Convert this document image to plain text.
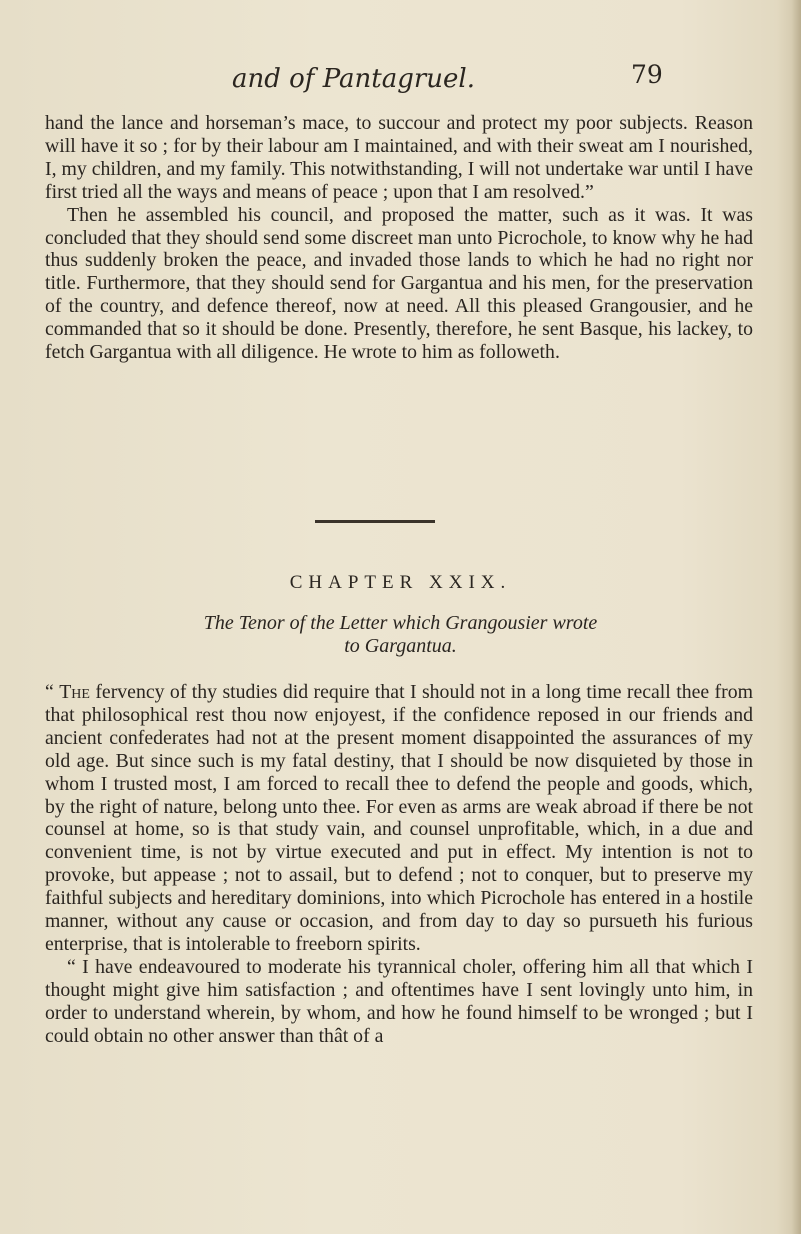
and of Pantagruel.	79

hand the lance and horseman’s mace, to succour and protect my poor subjects. Reason will have it so ; for by their labour am I maintained, and with their sweat am I nourished, I, my children, and my family. This notwithstanding, I will not undertake war until I have first tried all the ways and means of peace ; upon that I am resolved.”

Then he assembled his council, and proposed the matter, such as it was. It was concluded that they should send some discreet man unto Picrochole, to know why he had thus suddenly broken the peace, and invaded those lands to which he had no right nor title. Furthermore, that they should send for Gargantua and his men, for the preservation of the country, and defence thereof, now at need. All this pleased Grangousier, and he commanded that so it should be done. Presently, therefore, he sent Basque, his lackey, to fetch Gargantua with all diligence. He wrote to him as followeth.

CHAPTER XXIX.
The Tenor of the Letter which Grangousier wrote
to Gargantua.

“ The fervency of thy studies did require that I should not in a long time recall thee from that philosophical rest thou now enjoyest, if the confidence reposed in our friends and ancient confederates had not at the present moment disappointed the assurances of my old age. But since such is my fatal destiny, that I should be now disquieted by those in whom I trusted most, I am forced to recall thee to defend the people and goods, which, by the right of nature, belong unto thee. For even as arms are weak abroad if there be not counsel at home, so is that study vain, and counsel unprofitable, which, in a due and convenient time, is not by virtue executed and put in effect. My intention is not to provoke, but appease ; not to assail, but to defend ; not to conquer, but to preserve my faithful subjects and hereditary dominions, into which Picrochole has entered in a hostile manner, without any cause or occasion, and from day to day so pursueth his furious enterprise, that is intolerable to freeborn spirits.

“ I have endeavoured to moderate his tyrannical choler, offering him all that which I thought might give him satisfaction ; and oftentimes have I sent lovingly unto him, in order to understand wherein, by whom, and how he found himself to be wronged ; but I could obtain no other answer than thât of a
